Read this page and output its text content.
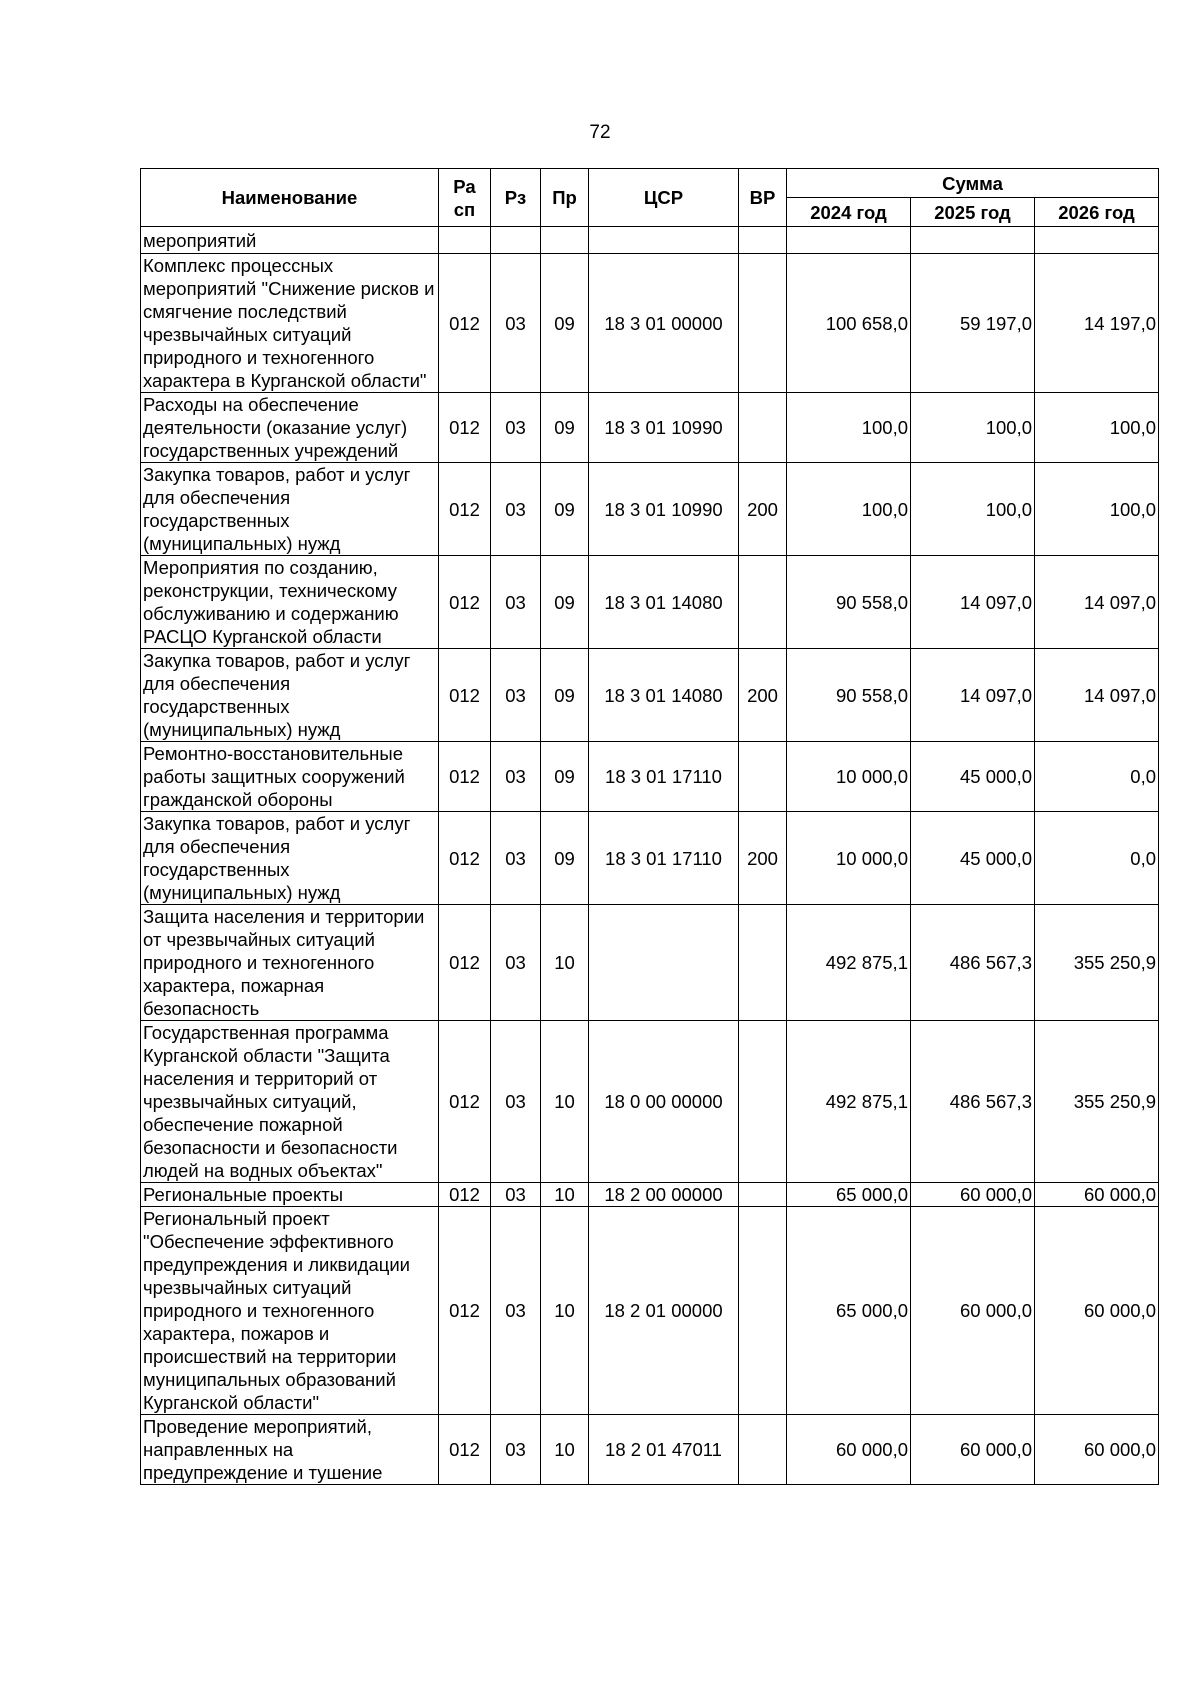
72
Наименование	Ра сп	Рз	Пр	ЦСР	ВР	Сумма		
						2024 год	2025 год	2026 год
мероприятий								
Комплекс процессных мероприятий "Снижение рисков и смягчение последствий чрезвычайных ситуаций природного и техногенного характера в Курганской области"	012	03	09	18 3 01 00000		100 658,0	59 197,0	14 197,0
Расходы на обеспечение деятельности (оказание услуг) государственных учреждений	012	03	09	18 3 01 10990		100,0	100,0	100,0
Закупка товаров, работ и услуг для обеспечения государственных (муниципальных) нужд	012	03	09	18 3 01 10990	200	100,0	100,0	100,0
Мероприятия по созданию, реконструкции, техническому обслуживанию и содержанию РАСЦО Курганской области	012	03	09	18 3 01 14080		90 558,0	14 097,0	14 097,0
Закупка товаров, работ и услуг для обеспечения государственных (муниципальных) нужд	012	03	09	18 3 01 14080	200	90 558,0	14 097,0	14 097,0
Ремонтно-восстановительные работы защитных сооружений гражданской обороны	012	03	09	18 3 01 17110		10 000,0	45 000,0	0,0
Закупка товаров, работ и услуг для обеспечения государственных (муниципальных) нужд	012	03	09	18 3 01 17110	200	10 000,0	45 000,0	0,0
Защита населения и территории от чрезвычайных ситуаций природного и техногенного характера, пожарная безопасность	012	03	10			492 875,1	486 567,3	355 250,9
Государственная программа Курганской области "Защита населения и территорий от чрезвычайных ситуаций, обеспечение пожарной безопасности и безопасности людей на водных объектах"	012	03	10	18 0 00 00000		492 875,1	486 567,3	355 250,9
Региональные проекты	012	03	10	18 2 00 00000		65 000,0	60 000,0	60 000,0
Региональный проект "Обеспечение эффективного предупреждения и ликвидации чрезвычайных ситуаций природного и техногенного характера, пожаров и происшествий на территории муниципальных образований Курганской области"	012	03	10	18 2 01 00000		65 000,0	60 000,0	60 000,0
Проведение мероприятий, направленных на предупреждение и тушение	012	03	10	18 2 01 47011		60 000,0	60 000,0	60 000,0
